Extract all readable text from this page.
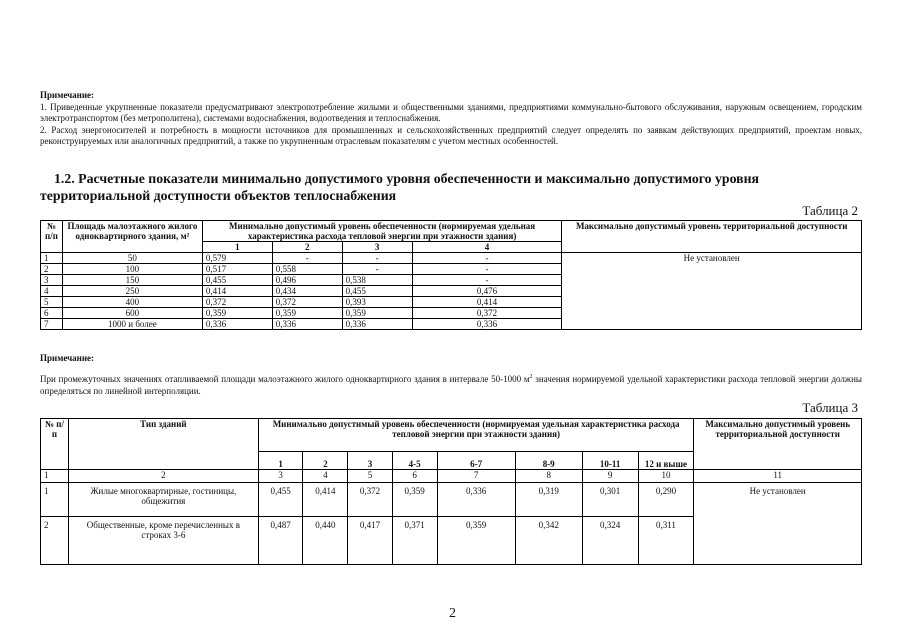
Примечание:

1. Приведенные укрупненные показатели предусматривают электропотребление жилыми и общественными зданиями, предприятиями коммунально-бытового обслуживания, наружным освещением, городским электротранспортом (без метрополитена), системами водоснабжения, водоотведения и теплоснабжения.

2. Расход энергоносителей и потребность в мощности источников для промышленных и сельскохозяйственных предприятий следует определять по заявкам действующих предприятий, проектам новых, реконструируемых или аналогичных предприятий, а также по укрупненным отраслевым показателям с учетом местных особенностей.

1.2. Расчетные показатели минимально допустимого уровня обеспеченности и максимально допустимого уровня территориальной доступности объектов теплоснабжения
Таблица 2
№ п/п	Площадь малоэтажного жилого одноквартирного здания, м²	Минимально допустимый уровень обеспеченности (нормируемая удельная характеристика расхода тепловой энергии при этажности здания)				Максимально допустимый уровень территориальной доступности
		1	2	3	4	
1	50	0,579	-	-	-	Не установлен
2	100	0,517	0,558	-	-	
3	150	0,455	0,496	0,538	-	
4	250	0,414	0,434	0,455	0,476	
5	400	0,372	0,372	0,393	0,414	
6	600	0,359	0,359	0,359	0,372	
7	1000 и более	0,336	0,336	0,336	0,336	
Примечание:
При промежуточных значениях отапливаемой площади малоэтажного жилого одноквартирного здания в интервале 50-1000 $м^2$ значения нормируемой удельной характеристики расхода тепловой энергии должны определяться по линейной интерполяции.
Таблица 3
№ п/п	Тип зданий	Минимально допустимый уровень обеспеченности (нормируемая удельная характеристика расхода тепловой энергии при этажности здания)								Максимально допустимый уровень территориальной доступности
		1	2	3	4-5	6-7	8-9	10-11	12 и выше	
1	2	3	4	5	6	7	8	9	10	11
1	Жилые многоквартирные, гостиницы, общежития	0,455	0,414	0,372	0,359	0,336	0,319	0,301	0,290	Не установлен
2	Общественные, кроме перечисленных в строках 3-6	0,487	0,440	0,417	0,371	0,359	0,342	0,324	0,311	
2
